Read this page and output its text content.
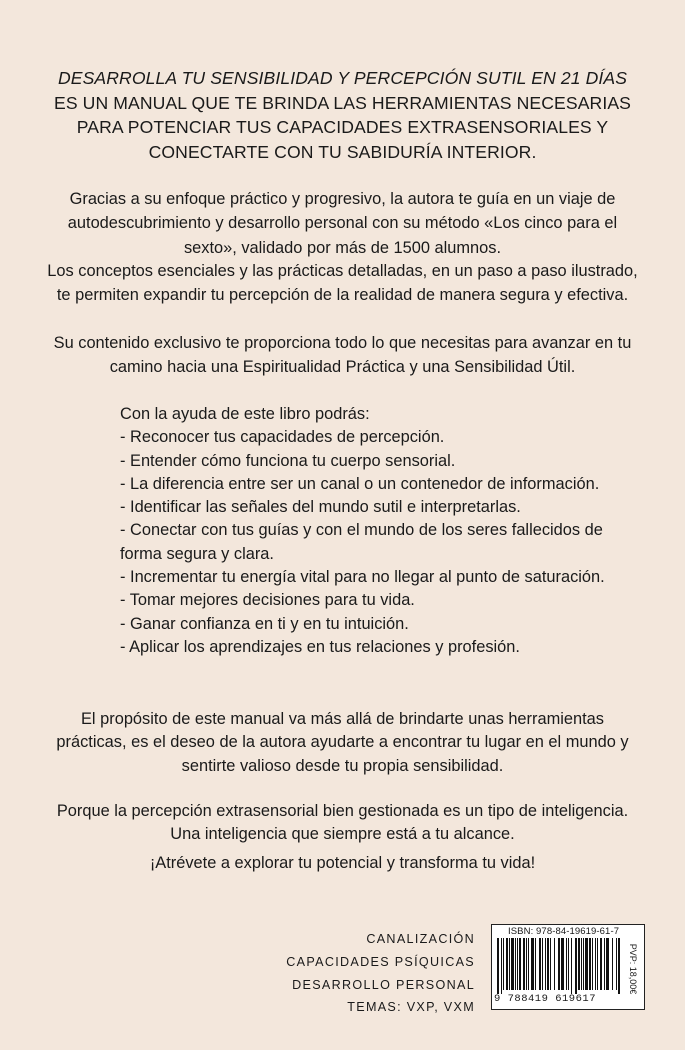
DESARROLLA TU SENSIBILIDAD Y PERCEPCIÓN SUTIL EN 21 DÍAS
ES UN MANUAL QUE TE BRINDA LAS HERRAMIENTAS NECESARIAS
PARA POTENCIAR TUS CAPACIDADES EXTRASENSORIALES Y
CONECTARTE CON TU SABIDURÍA INTERIOR.

Gracias a su enfoque práctico y progresivo, la autora te guía en un viaje de autodescubrimiento y desarrollo personal con su método «Los cinco para el sexto», validado por más de 1500 alumnos.

Los conceptos esenciales y las prácticas detalladas, en un paso a paso ilustrado, te permiten expandir tu percepción de la realidad de manera segura y efectiva.

Su contenido exclusivo te proporciona todo lo que necesitas para avanzar en tu camino hacia una Espiritualidad Práctica y una Sensibilidad Útil.

Con la ayuda de este libro podrás:
- Reconocer tus capacidades de percepción.
- Entender cómo funciona tu cuerpo sensorial.
- La diferencia entre ser un canal o un contenedor de información.
- Identificar las señales del mundo sutil e interpretarlas.
- Conectar con tus guías y con el mundo de los seres fallecidos de forma segura y clara.
- Incrementar tu energía vital para no llegar al punto de saturación.
- Tomar mejores decisiones para tu vida.
- Ganar confianza en ti y en tu intuición.
- Aplicar los aprendizajes en tus relaciones y profesión.

El propósito de este manual va más allá de brindarte unas herramientas prácticas, es el deseo de la autora ayudarte a encontrar tu lugar en el mundo y sentirte valioso desde tu propia sensibilidad.

Porque la percepción extrasensorial bien gestionada es un tipo de inteligencia. Una inteligencia que siempre está a tu alcance.

¡Atrévete a explorar tu potencial y transforma tu vida!

CANALIZACIÓN
CAPACIDADES PSÍQUICAS
DESARROLLO PERSONAL
TEMAS: VXP, VXM
ISBN: 978-84-19619-61-7
9 788419 619617
PVP: 18,00€
